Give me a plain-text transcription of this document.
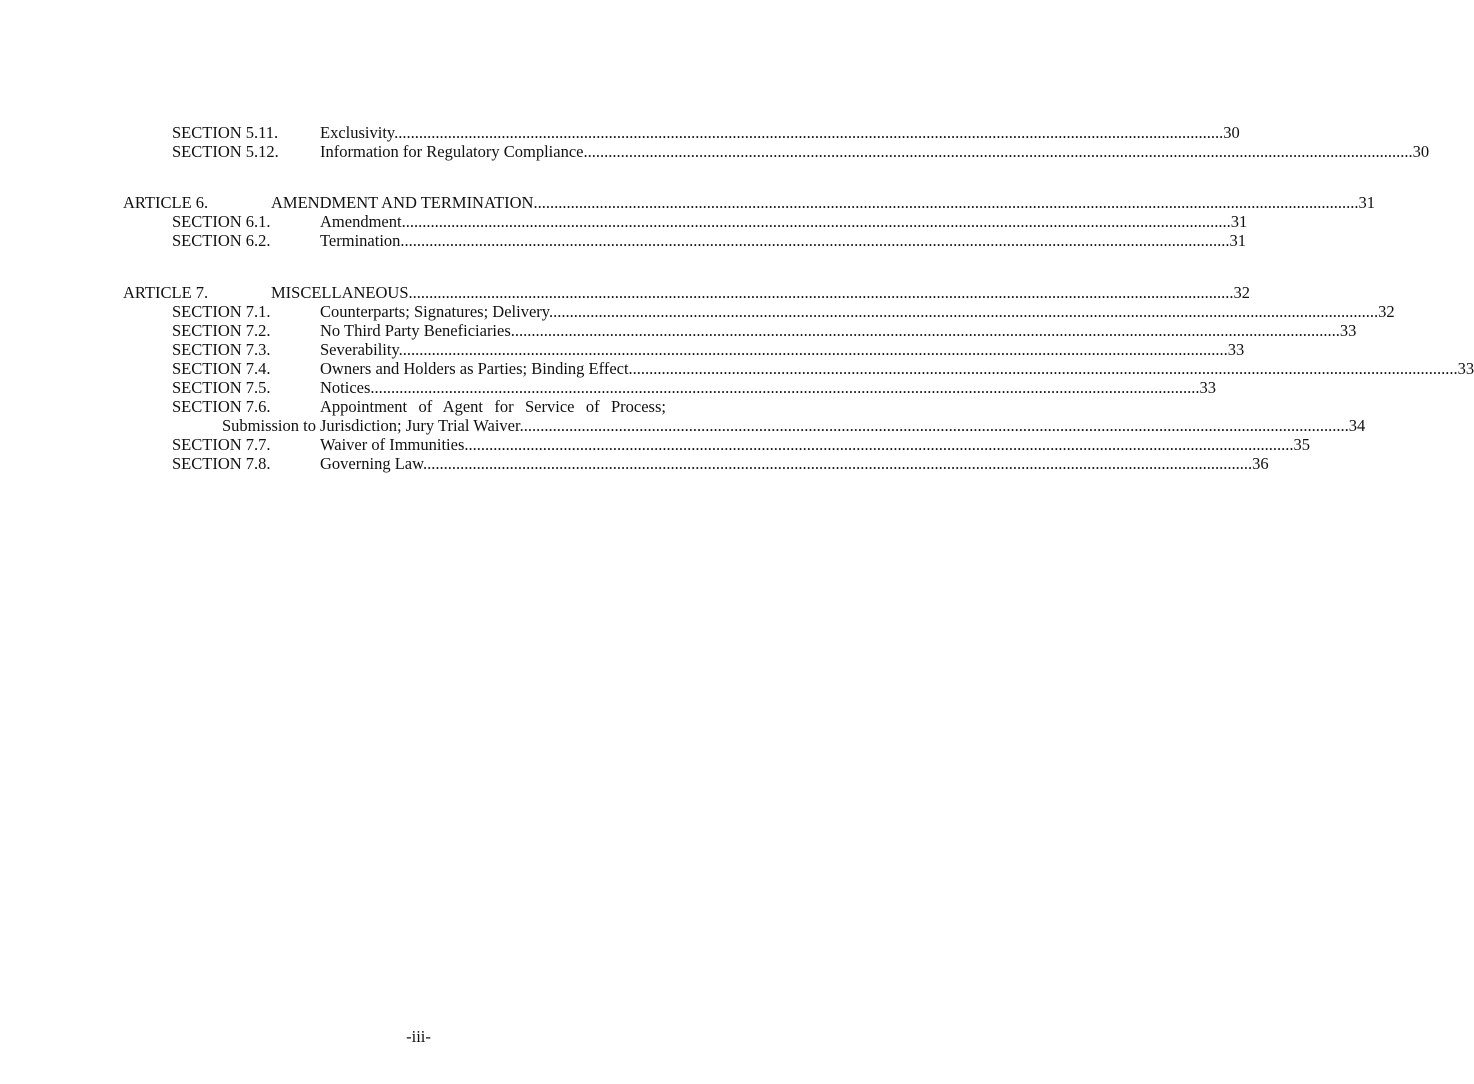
SECTION 5.11.	Exclusivity. ........................................................................................................................................................................................................ 30
SECTION 5.12. Information for Regulatory Compliance. ........................................................................................................................................................................................................ 30
ARTICLE 6.	AMENDMENT AND TERMINATION ........................................................................................................................................................................................................ 31
SECTION 6.1.	Amendment. ........................................................................................................................................................................................................ 31
SECTION 6.2.	Termination. ........................................................................................................................................................................................................ 31
ARTICLE 7.	MISCELLANEOUS ........................................................................................................................................................................................................ 32
SECTION 7.1.	Counterparts; Signatures; Delivery. ........................................................................................................................................................................................................ 32
SECTION 7.2.	No Third Party Beneficiaries. ........................................................................................................................................................................................................ 33
SECTION 7.3.	Severability. ........................................................................................................................................................................................................ 33
SECTION 7.4.	Owners and Holders as Parties; Binding Effect. ........................................................................................................................................................................................................ 33
SECTION 7.5.	Notices. ........................................................................................................................................................................................................ 33
SECTION 7.6.	Appointment of Agent for Service of Process;
Submission to Jurisdiction; Jury Trial Waiver. ........................................................................................................................................................................................................ 34
SECTION 7.7.	Waiver of Immunities. ........................................................................................................................................................................................................ 35
SECTION 7.8.	Governing Law. ........................................................................................................................................................................................................ 36
-iii-
